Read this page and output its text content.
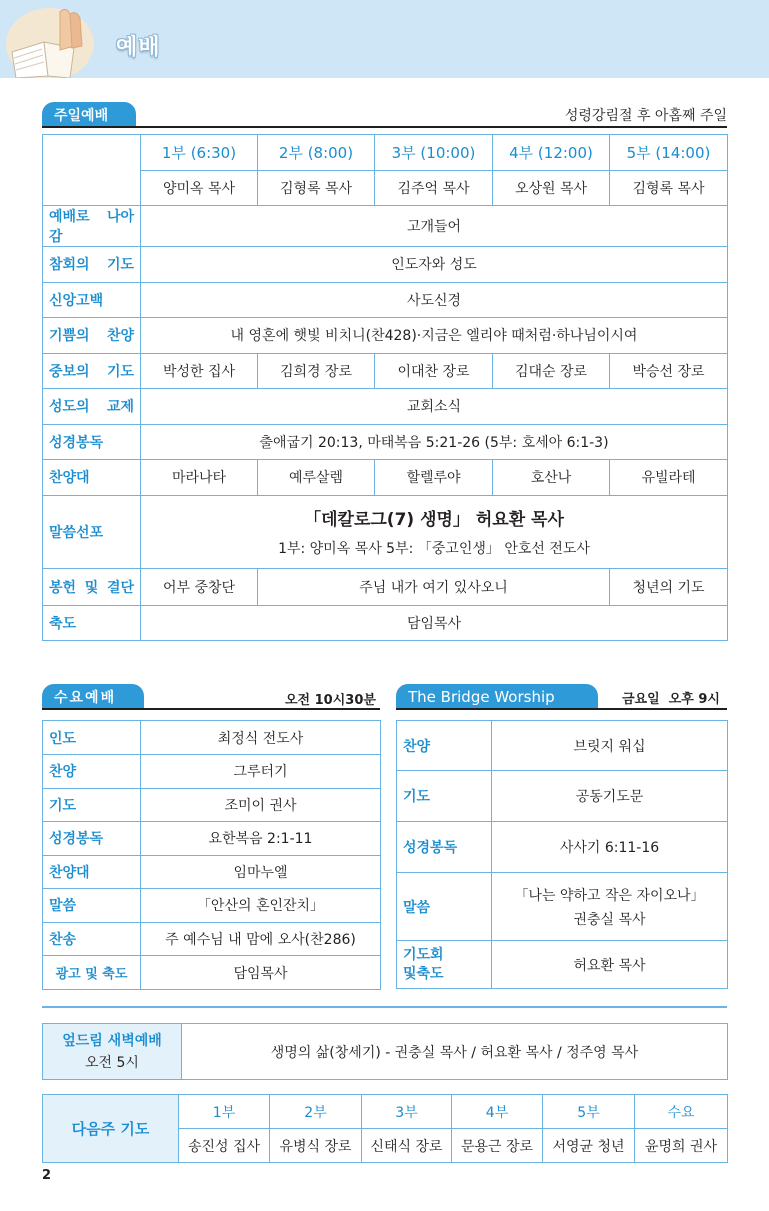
예배
주일예배	성령강림절 후 아홉째 주일
	1부 (6:30)	2부 (8:00)	3부 (10:00)	4부 (12:00)	5부 (14:00)
	양미옥 목사	김형록 목사	김주억 목사	오상원 목사	김형록 목사
예배로 나아감	고개들어				
참회의 기도	인도자와 성도				
신앙고백	사도신경				
기쁨의 찬양	내 영혼에 햇빛 비치니(찬428)·지금은 엘리야 때처럼·하나님이시여				
중보의 기도	박성한 집사	김희경 장로	이대찬 장로	김대순 장로	박승선 장로
성도의 교제	교회소식				
성경봉독	출애굽기 20:13, 마태복음 5:21-26 (5부: 호세아 6:1-3)				
찬양대	마라나타	예루살렘	할렐루야	호산나	유빌라테
말씀선포	「데칼로그(7) 생명」 허요환 목사
1부: 양미옥 목사 5부: 「중고인생」 안호선 전도사				

봉헌 및 결단	어부 중창단	주님 내가 여기 있사오니			청년의 기도
축도	담임목사				
수요예배	오전 10시30분
인도	최정식 전도사
찬양	그루터기
기도	조미이 권사
성경봉독	요한복음 2:1-11
찬양대	임마누엘
말씀	「안산의 혼인잔치」
찬송	주 예수님 내 맘에 오사(찬286)
광고 및 축도	담임목사
The Bridge Worship	금요일  오후 9시
찬양	브릿지 워십
기도	공동기도문
성경봉독	사사기 6:11-16
말씀	「나는 약하고 작은 자이오나」
권충실 목사

기도회
및축도	허요환 목사
엎드림 새벽예배
오전 5시
	생명의 삶(창세기) - 권충실 목사 / 허요환 목사 / 정주영 목사
다음주 기도	1부	2부	3부	4부	5부	수요
	송진성 집사	유병식 장로	신태식 장로	문용근 장로	서영균 청년	윤명희 권사
2
